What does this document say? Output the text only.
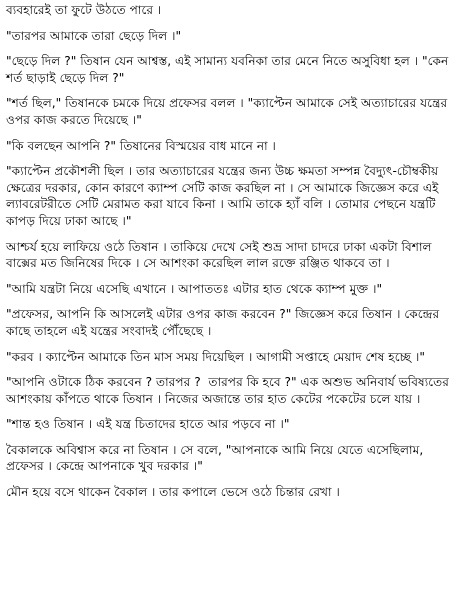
ব্যবহারেই তা ফুটে উঠতে পারে ।

"তারপর আমাকে তারা ছেড়ে দিল ।"

"ছেড়ে দিল ?" তিষান যেন আশ্বস্ত, এই সামান্য যবনিকা তার মেনে নিতে অসুবিধা হল । "কেন শর্ত ছাড়াই ছেড়ে দিল ?"

"শর্ত ছিল," তিষানকে চমকে দিয়ে প্রফেসর বলল । "ক্যাপ্টেন আমাকে সেই অত্যাচারের যন্ত্রের ওপর কাজ করতে দিয়েছে ।"

"কি বলছেন আপনি ?" তিষানের বিস্ময়ের বাধ মানে না ।

"ক্যাপ্টেন প্রকৌশলী ছিল । তার অত্যাচারের যন্ত্রের জন্য উচ্চ ক্ষমতা সম্পন্ন বৈদ্যুৎ-চৌম্বকীয় ক্ষেত্রের দরকার, কোন কারণে ক্যাম্প সেটি কাজ করছিল না । সে আমাকে জিজ্ঞেস করে এই ল্যাবরেটরীতে সেটি মেরামত করা যাবে কিনা । আমি তাকে হ্যাঁ বলি । তোমার পেছনে যন্ত্রটি কাপড় দিয়ে ঢাকা আছে ।"

আশ্চর্য হয়ে লাফিয়ে ওঠে তিষান । তাকিয়ে দেখে সেই শুভ্র সাদা চাদরে ঢাকা একটা বিশাল বাক্সের মত জিনিষের দিকে । সে আশংকা করেছিল লাল রক্তে রঞ্জিত থাকবে তা ।

"আমি যন্ত্রটা নিয়ে এসেছি এখানে । আপাততঃ এটার হাত থেকে ক্যাম্প মুক্ত ।"

"প্রফেসর, আপনি কি আসলেই এটার ওপর কাজ করবেন ?" জিজ্ঞেস করে তিষান । কেন্দ্রের কাছে তাহলে এই যন্ত্রের সংবাদই পৌঁছেছে ।

"করব । ক্যাপ্টেন আমাকে তিন মাস সময় দিয়েছিল । আগামী সপ্তাহে মেয়াদ শেষ হচ্ছে ।"

"আপনি ওটাকে ঠিক করবেন ? তারপর ?  তারপর কি হবে ?" এক অশুভ অনিবার্য ভবিষ্যতের আশংকায় কাঁপতে থাকে তিষান । নিজের অজান্তে তার হাত কেটের পকেটের চলে যায় ।

"শান্ত হও তিষান । এই যন্ত্র চিতাদের হাতে আর পড়বে না ।"

বৈকালকে অবিশ্বাস করে না তিষান । সে বলে, "আপনাকে আমি নিয়ে যেতে এসেছিলাম, প্রফেসর । কেন্দ্রে আপনাকে খুব দরকার ।"

মৌন হয়ে বসে থাকেন বৈকাল । তার কপালে ভেসে ওঠে চিন্তার রেখা ।
